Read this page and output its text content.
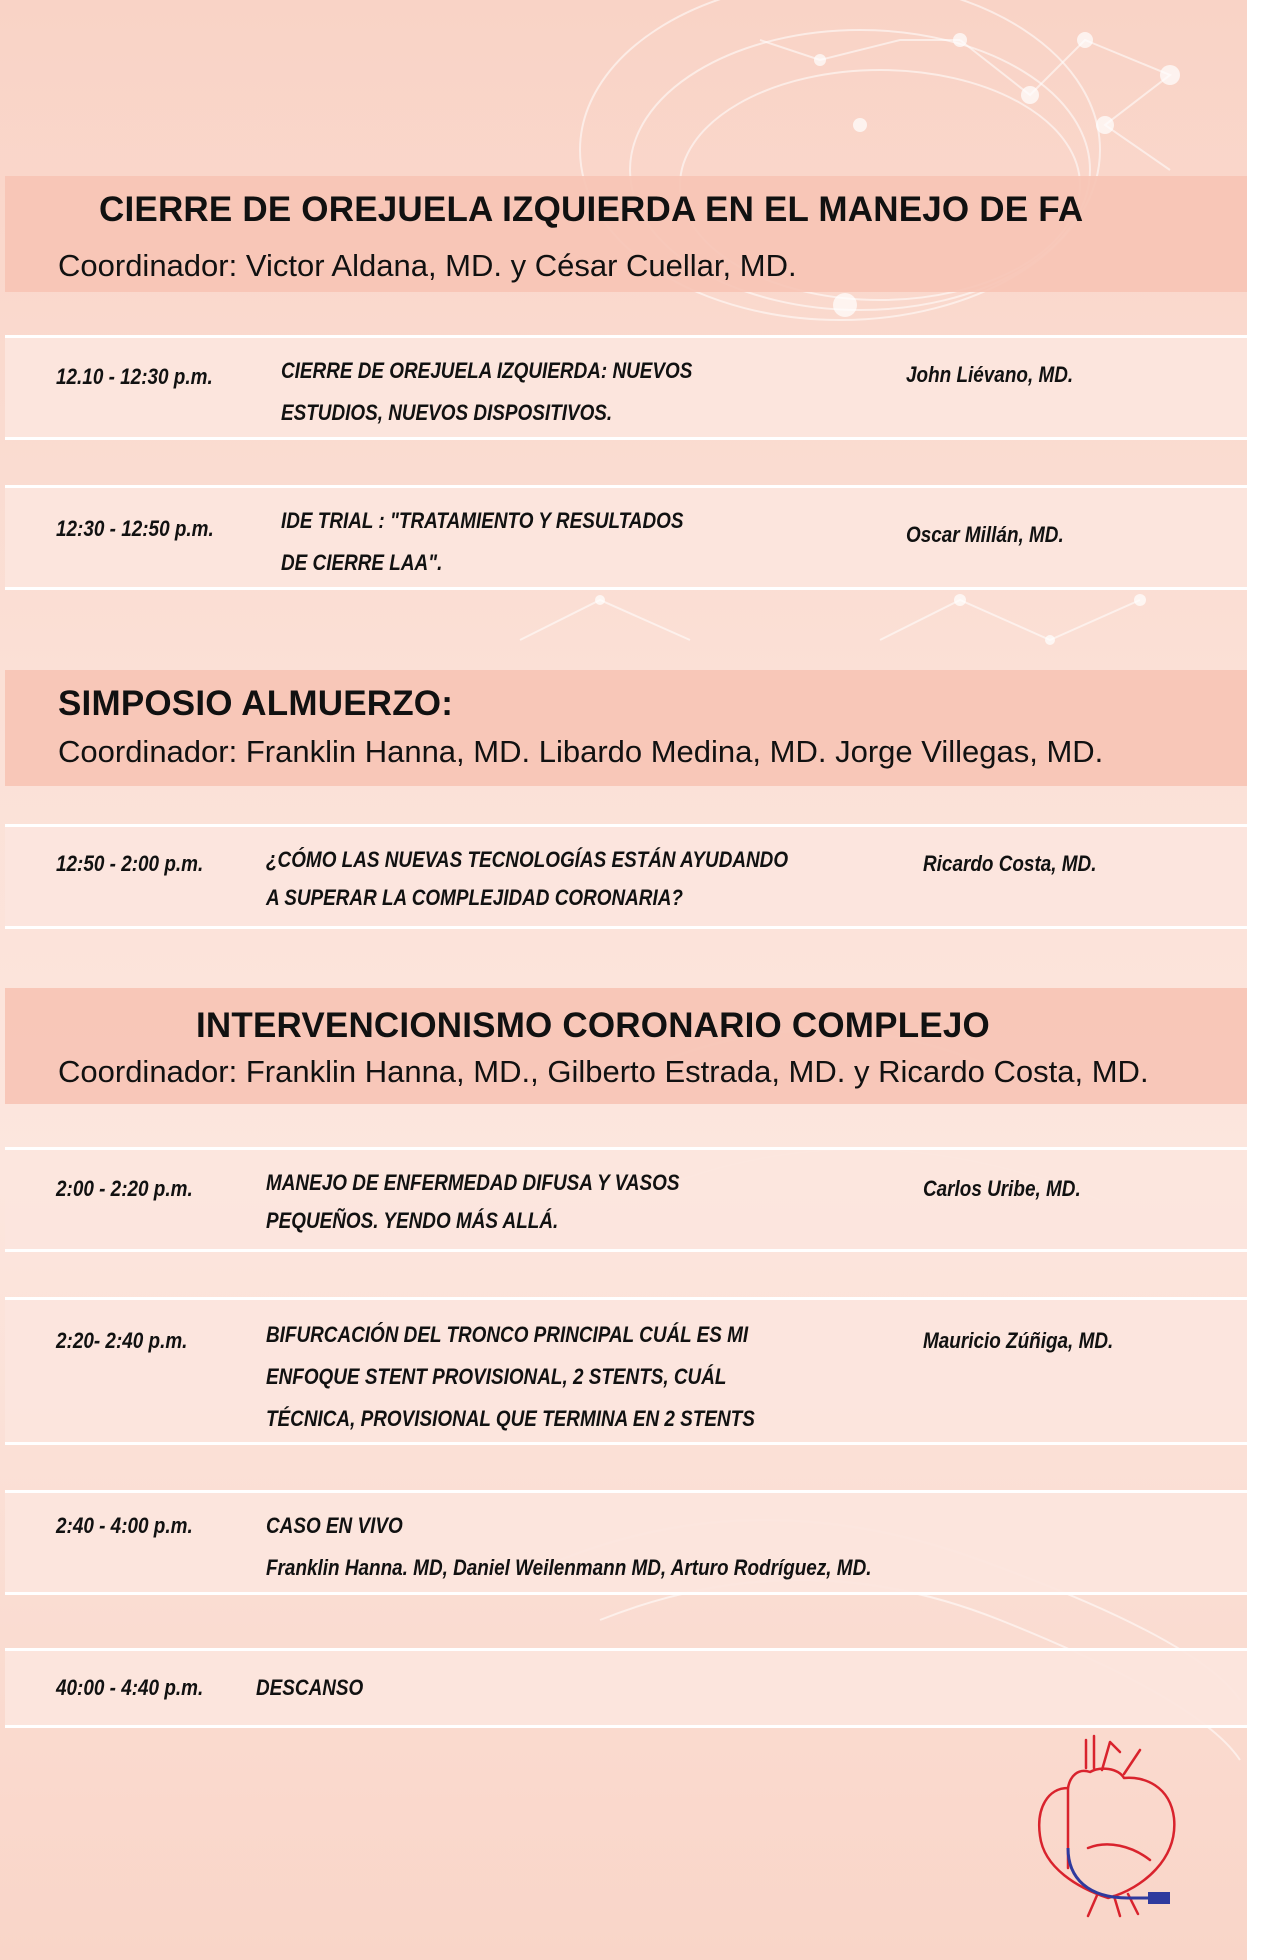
CIERRE DE OREJUELA IZQUIERDA EN EL MANEJO DE FA
Coordinador: Victor Aldana, MD. y César Cuellar, MD.
12.10 - 12:30 p.m.	CIERRE DE OREJUELA IZQUIERDA: NUEVOS
ESTUDIOS, NUEVOS DISPOSITIVOS.
John Liévano, MD.
12:30 - 12:50 p.m.	IDE TRIAL : "TRATAMIENTO Y RESULTADOS
DE CIERRE LAA".
Oscar Millán, MD.
SIMPOSIO ALMUERZO:
Coordinador: Franklin Hanna, MD. Libardo Medina, MD. Jorge Villegas, MD.
12:50 - 2:00 p.m.	¿CÓMO LAS NUEVAS TECNOLOGÍAS ESTÁN AYUDANDO
A SUPERAR LA COMPLEJIDAD CORONARIA?
Ricardo Costa, MD.
INTERVENCIONISMO CORONARIO COMPLEJO
Coordinador: Franklin Hanna, MD., Gilberto Estrada, MD. y Ricardo Costa, MD.
2:00 - 2:20 p.m.	MANEJO DE ENFERMEDAD DIFUSA Y VASOS
PEQUEÑOS. YENDO MÁS ALLÁ.
Carlos Uribe, MD.
2:20- 2:40 p.m.	BIFURCACIÓN DEL TRONCO PRINCIPAL CUÁL ES MI
ENFOQUE STENT PROVISIONAL, 2 STENTS, CUÁL
TÉCNICA, PROVISIONAL QUE TERMINA EN 2 STENTS
Mauricio Zúñiga, MD.
2:40 - 4:00 p.m.	CASO EN VIVO
Franklin Hanna. MD, Daniel Weilenmann MD, Arturo Rodríguez, MD.
40:00 - 4:40 p.m. DESCANSO
